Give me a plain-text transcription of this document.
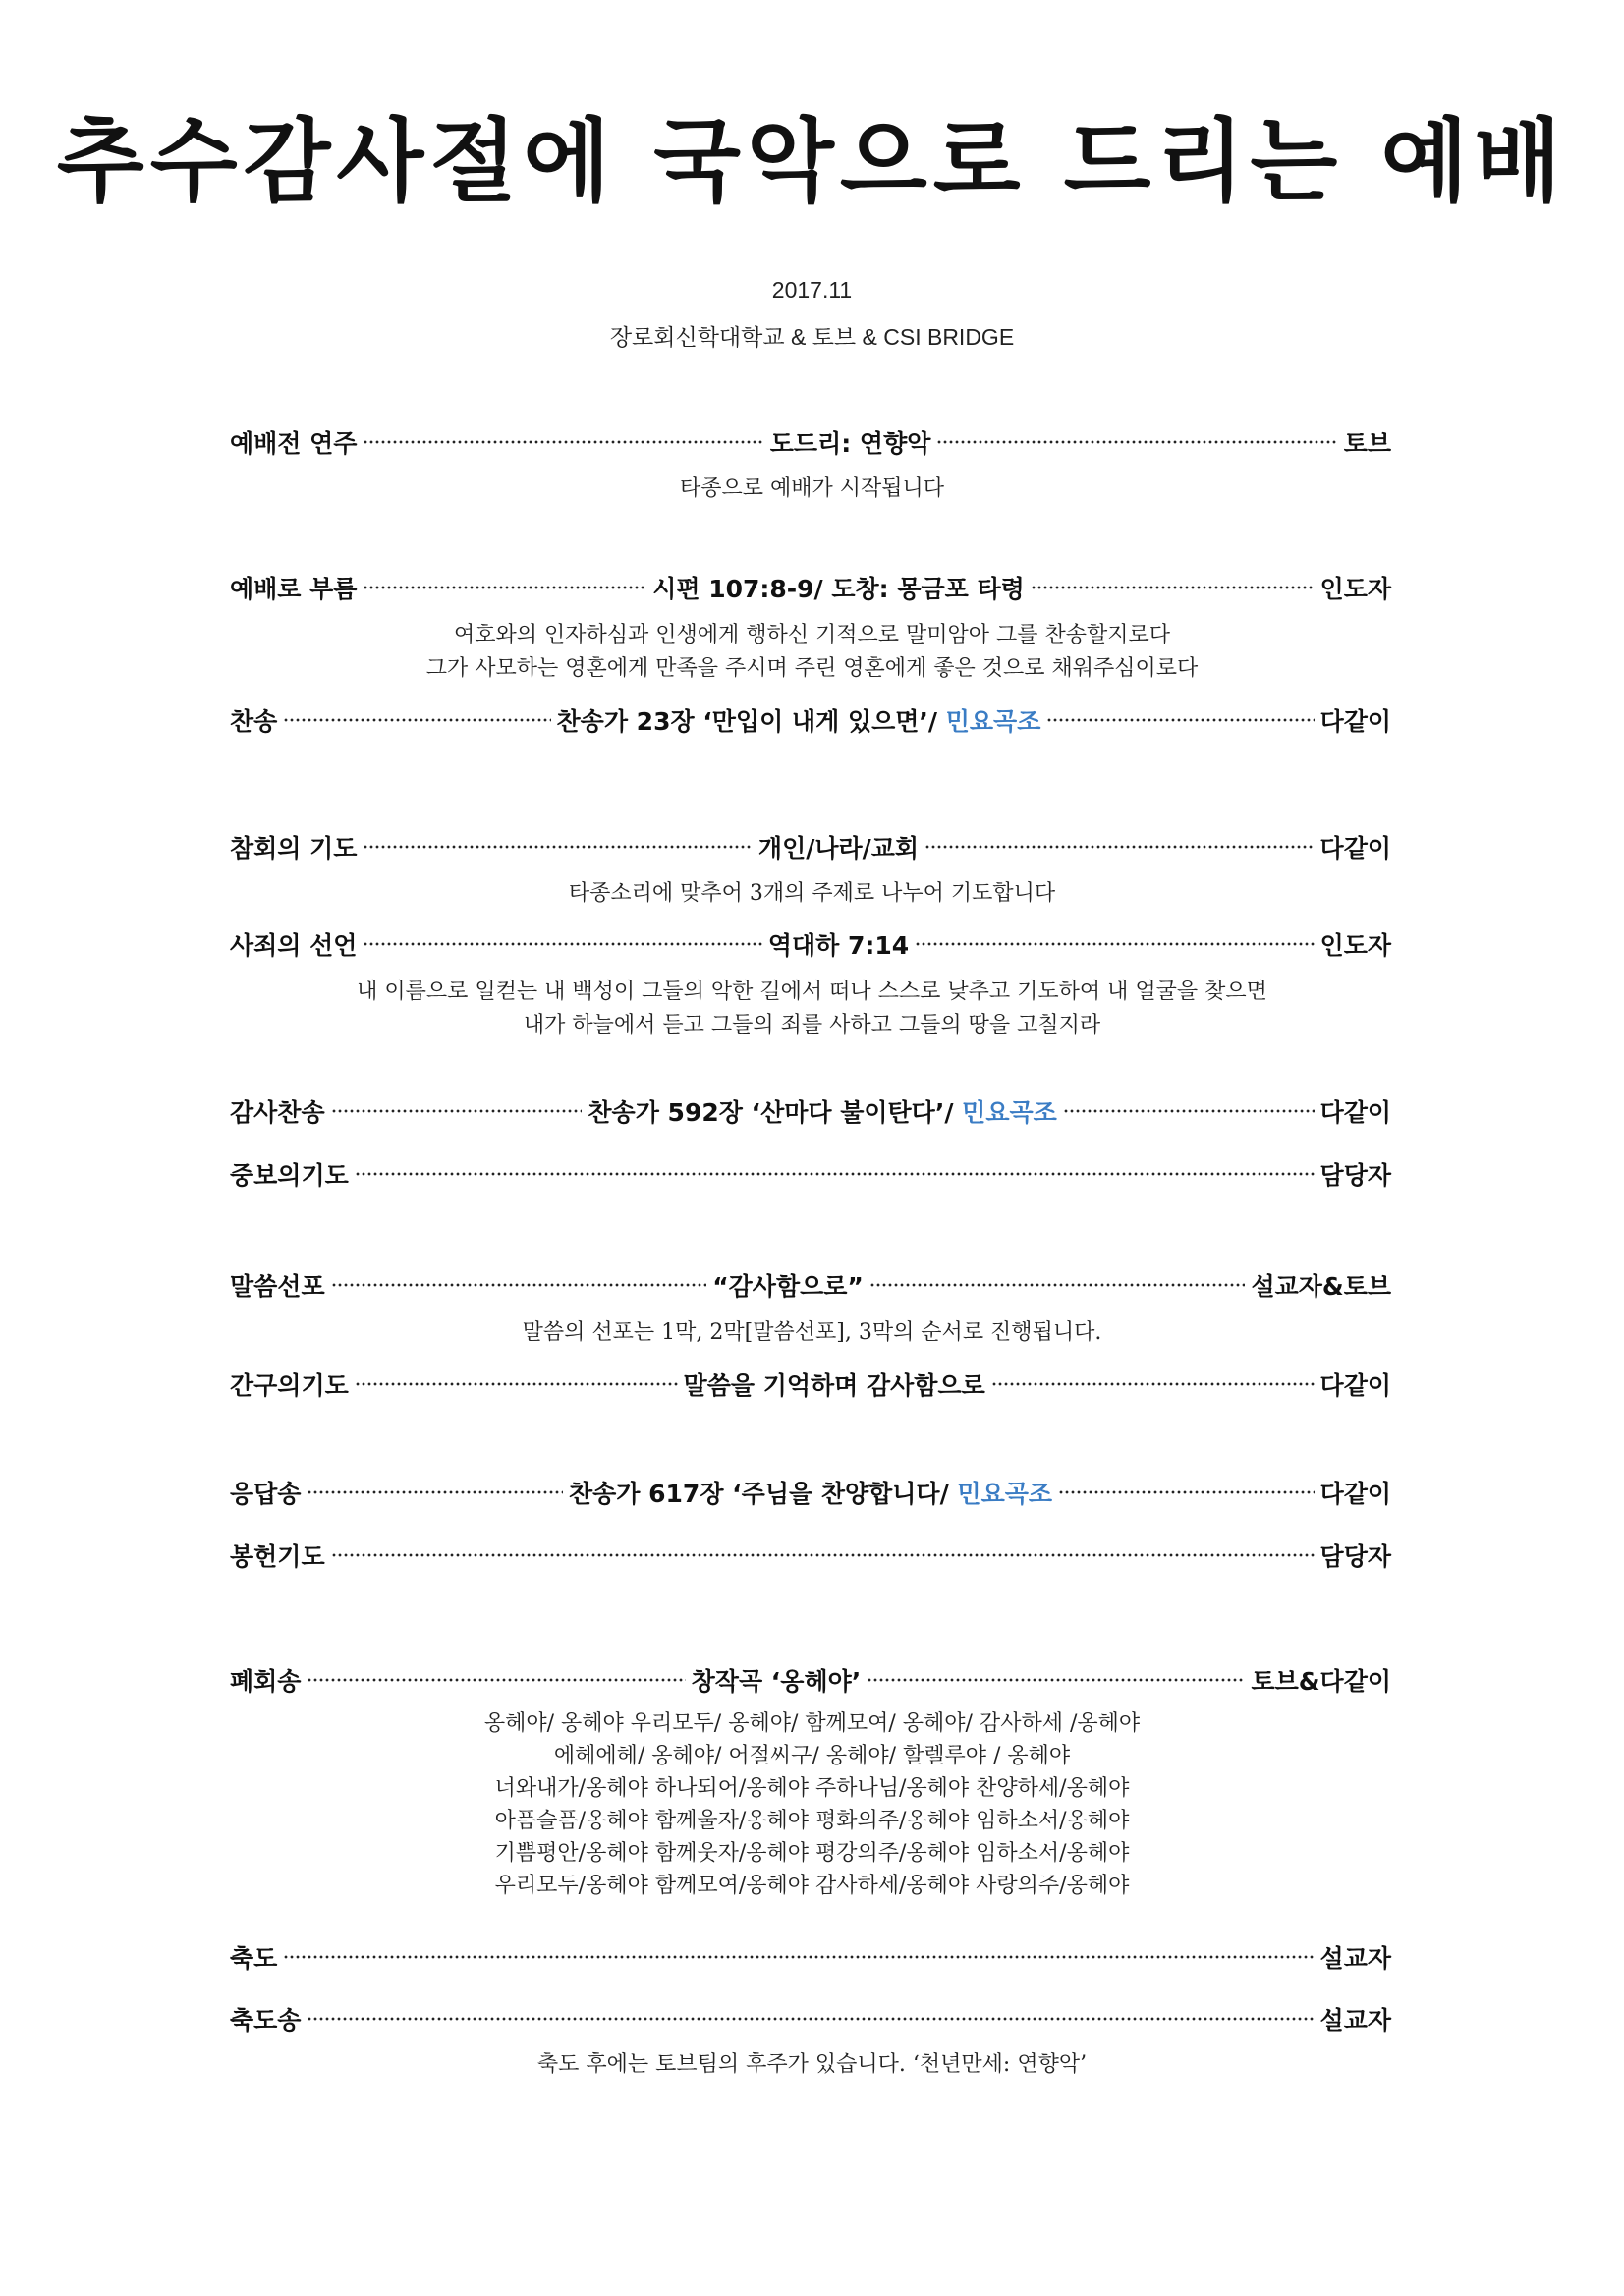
추수감사절에 국악으로 드리는 예배
2017.11
장로회신학대학교 & 토브 & CSI BRIDGE
예배전 연주	도드리: 연향악	토브
타종으로 예배가 시작됩니다
예배로 부름	시편 107:8-9/ 도창: 몽금포 타령	인도자
여호와의 인자하심과 인생에게 행하신 기적으로 말미암아 그를 찬송할지로다
그가 사모하는 영혼에게 만족을 주시며 주린 영혼에게 좋은 것으로 채워주심이로다
찬송	찬송가 23장 ‘만입이 내게 있으면’/ 민요곡조	다같이
참회의 기도	개인/나라/교회	다같이
타종소리에 맞추어 3개의 주제로 나누어 기도합니다
사죄의 선언	역대하 7:14	인도자
내 이름으로 일컫는 내 백성이 그들의 악한 길에서 떠나 스스로 낮추고 기도하여 내 얼굴을 찾으면
내가 하늘에서 듣고 그들의 죄를 사하고 그들의 땅을 고칠지라
감사찬송	찬송가 592장 ‘산마다 불이탄다’/ 민요곡조	다같이
중보의기도	담당자
말씀선포	“감사함으로”	설교자&토브
말씀의 선포는 1막, 2막[말씀선포], 3막의 순서로 진행됩니다.
간구의기도	말씀을 기억하며 감사함으로	다같이
응답송	찬송가 617장 ‘주님을 찬양합니다/ 민요곡조	다같이
봉헌기도	담당자
폐회송	창작곡 ‘옹헤야’	토브&다같이
옹헤야/ 옹헤야 우리모두/ 옹헤야/ 함께모여/ 옹헤야/ 감사하세 /옹헤야
에헤에헤/ 옹헤야/ 어절씨구/ 옹헤야/ 할렐루야 / 옹헤야
너와내가/옹헤야 하나되어/옹헤야 주하나님/옹헤야 찬양하세/옹헤야
아픔슬픔/옹헤야 함께울자/옹헤야 평화의주/옹헤야 임하소서/옹헤야
기쁨평안/옹헤야 함께웃자/옹헤야 평강의주/옹헤야 임하소서/옹헤야
우리모두/옹헤야 함께모여/옹헤야 감사하세/옹헤야 사랑의주/옹헤야
축도	설교자
축도송	설교자
축도 후에는 토브팀의 후주가 있습니다. ‘천년만세: 연향악’
